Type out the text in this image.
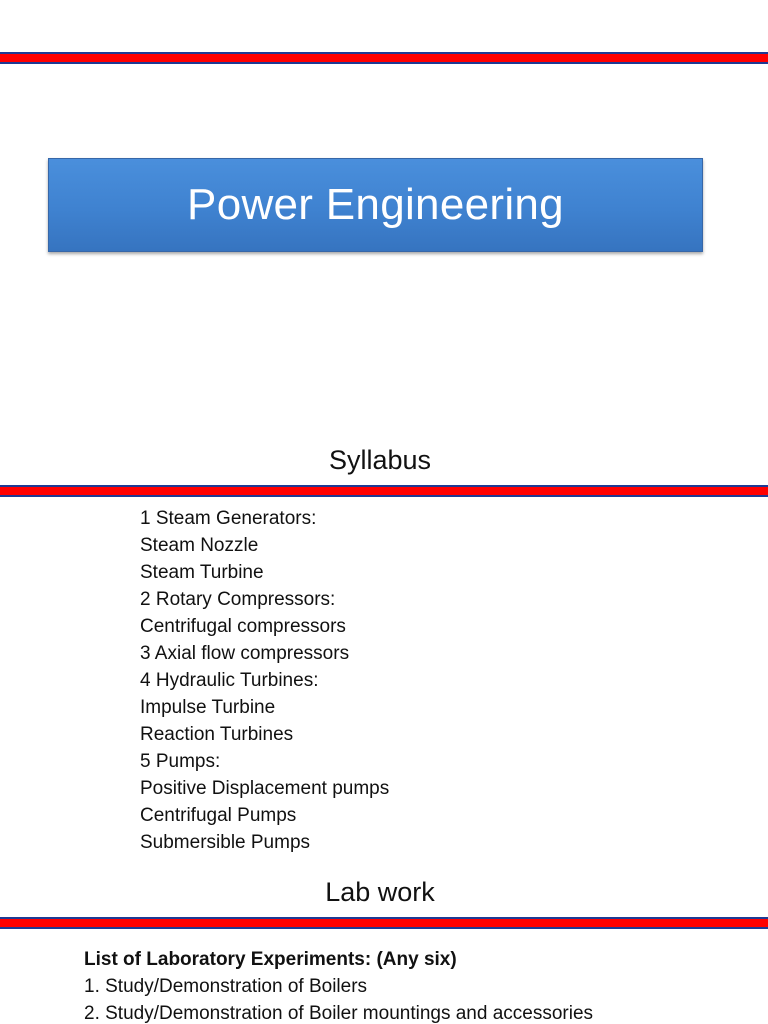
Power Engineering
Syllabus
1 Steam Generators:
Steam Nozzle
Steam Turbine
2 Rotary Compressors:
Centrifugal compressors
3 Axial flow compressors
4 Hydraulic Turbines:
Impulse Turbine
Reaction Turbines
5 Pumps:
Positive Displacement pumps
Centrifugal Pumps
Submersible Pumps
Lab work
List of Laboratory Experiments: (Any six)
1. Study/Demonstration of Boilers
2. Study/Demonstration of Boiler mountings and accessories
